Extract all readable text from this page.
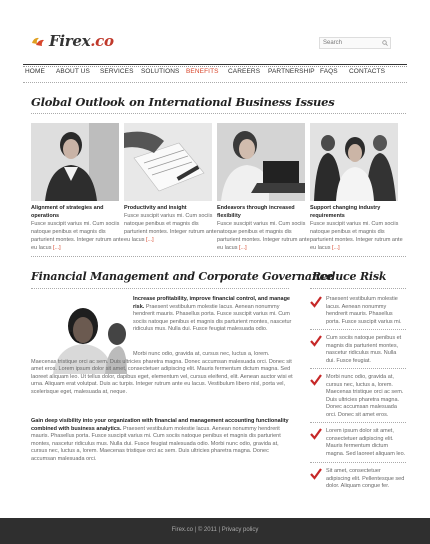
Firex.co	Search
HOME ABOUT US SERVICES SOLUTIONS BENEFITS CAREERS PARTNERSHIP FAQS CONTACTS
Global Outlook on International Business Issues
Alignment of strategies and operations
Fusce suscipit varius mi. Cum sociis natoque penibus et magnis dis parturient montes. Integer rutrum ante eu lacus [...]
Productivity and insight
Fusce suscipit varius mi. Cum sociis natoque penibus et magnis dis parturient montes. Integer rutrum ante eu lacus [...]
Endeavors through increased flexibility
Fusce suscipit varius mi. Cum sociis natoque penibus et magnis dis parturient montes. Integer rutrum ante eu lacus [...]
Support changing industry requirements
Fusce suscipit varius mi. Cum sociis natoque penibus et magnis dis parturient montes. Integer rutrum ante eu lacus [...]
Financial Management and Corporate Governance
Increase profitability, improve financial control, and manage risk. Praesent vestibulum molestie lacus. Aenean nonummy hendrerit mauris. Phasellus porta. Fusce suscipit varius mi. Cum sociis natoque penibus et magnis dis parturient montes, nascetur ridiculus mus. Nulla dui. Fusce feugiat malesuada odio.
Morbi nunc odio, gravida at, cursus nec, luctus a, lorem. Maecenas tristique orci ac sem. Duis ultricies pharetra magna. Donec accumsan malesuada orci. Donec sit amet eros. Lorem ipsum dolor sit amet, consectetuer adipiscing elit. Mauris fermentum dictum magna. Sed laoreet aliquam leo. Ut tellus dolor, dapibus eget, elementum vel, cursus eleifend, elit. Aenean auctor wisi et urna. Aliquam erat volutpat. Duis ac turpis. Integer rutrum ante eu lacus. Vestibulum libero nisl, porta vel, scelerisque eget, malesuada at, neque.
Gain deep visibility into your organization with financial and management accounting functionality combined with business analytics. Praesent vestibulum molestie lacus. Aenean nonummy hendrerit mauris. Phasellus porta. Fusce suscipit varius mi. Cum sociis natoque penibus et magnis dis parturient montes, nascetur ridiculus mus. Nulla dui. Fusce feugiat malesuada odio. Morbi nunc odio, gravida at, cursus nec, luctus a, lorem. Maecenas tristique orci ac sem. Duis ultricies pharetra magna. Donec accumsan malesuada orci.
Reduce Risk
Praesent vestibulum molestie lacus. Aenean nonummy hendrerit mauris. Phasellus porta. Fusce suscipit varius mi.
Cum sociis natoque penibus et magnis dis parturient montes, nascetur ridiculus mus. Nulla dui. Fusce feugiat.
Morbi nunc odio, gravida at, cursus nec, luctus a, lorem. Maecenas tristique orci ac sem. Duis ultricies pharetra magna. Donec accumsan malesuada orci. Donec sit amet eros.
Lorem ipsum dolor sit amet, consectetuer adipiscing elit. Mauris fermentum dictum magna. Sed laoreet aliquam leo.
Sit amet, consectetuer adipiscing elit. Pellentesque sed dolor. Aliquam congue fer.
Firex.co | © 2011 | Privacy policy
